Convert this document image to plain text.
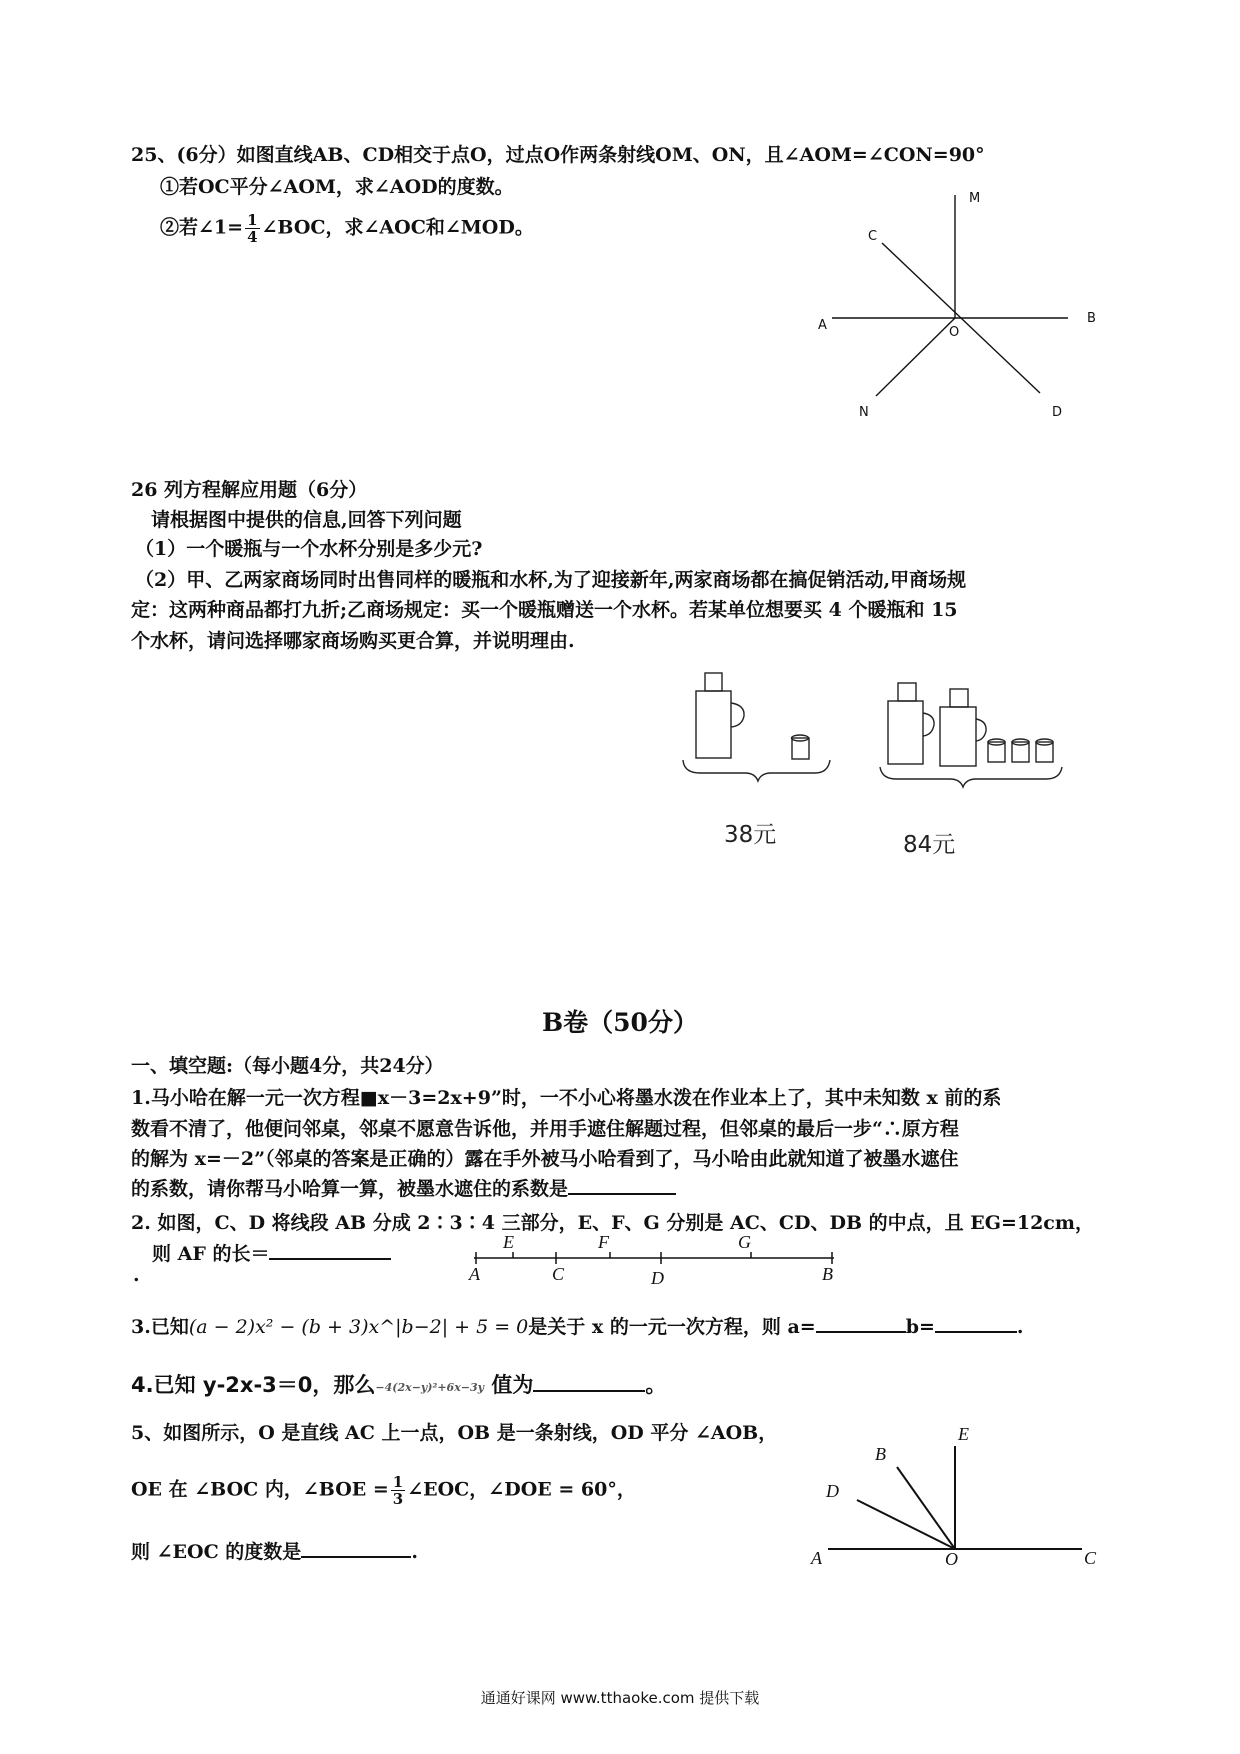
25、(6分）如图直线AB、CD相交于点O，过点O作两条射线OM、ON，且∠AOM=∠CON=90°
①若OC平分∠AOM，求∠AOD的度数。
②若∠1= $\frac{1}{4}$ ∠BOC，求∠AOC和∠MOD。
M
C
A	O
B
N	D
26 列方程解应用题（6分）
请根据图中提供的信息,回答下列问题
（1）一个暖瓶与一个水杯分别是多少元?
（2）甲、乙两家商场同时出售同样的暖瓶和水杯,为了迎接新年,两家商场都在搞促销活动,甲商场规
定：这两种商品都打九折;乙商场规定：买一个暖瓶赠送一个水杯。若某单位想要买 4 个暖瓶和 15
个水杯，请问选择哪家商场购买更合算，并说明理由.
38元	84元
B卷（50分）
一、填空题:（每小题4分，共24分）
1.马小哈在解一元一次方程■x－3=2x+9”时，一不小心将墨水泼在作业本上了，其中未知数 x 前的系
数看不清了，他便问邻桌，邻桌不愿意告诉他，并用手遮住解题过程，但邻桌的最后一步“∴原方程
的解为 x=－2”（邻桌的答案是正确的）露在手外被马小哈看到了，马小哈由此就知道了被墨水遮住
的系数，请你帮马小哈算一算，被墨水遮住的系数是
2. 如图，C、D 将线段 AB 分成 2∶3∶4 三部分，E、F、G 分别是 AC、CD、DB 的中点，且 EG=12cm，
则 AF 的长＝
.
E	F	G
A	C	D	B
3.已知(a − 2)x² − (b + 3)x^|b−2| + 5 = 0是关于 x 的一元一次方程，则 a=	b=	.
4.已知 y-2x-3＝0，那么−4(2x−y)²+6x−3y 值为	。
5、如图所示，O 是直线 AC 上一点，OB 是一条射线，OD 平分 ∠AOB，
OE 在 ∠BOC 内，∠BOE = $\frac{1}{3}$ ∠EOC，∠DOE = 60°，
则 ∠EOC 的度数是	.
E
B
D
A	O	C
通通好课网 www.tthaoke.com 提供下载
